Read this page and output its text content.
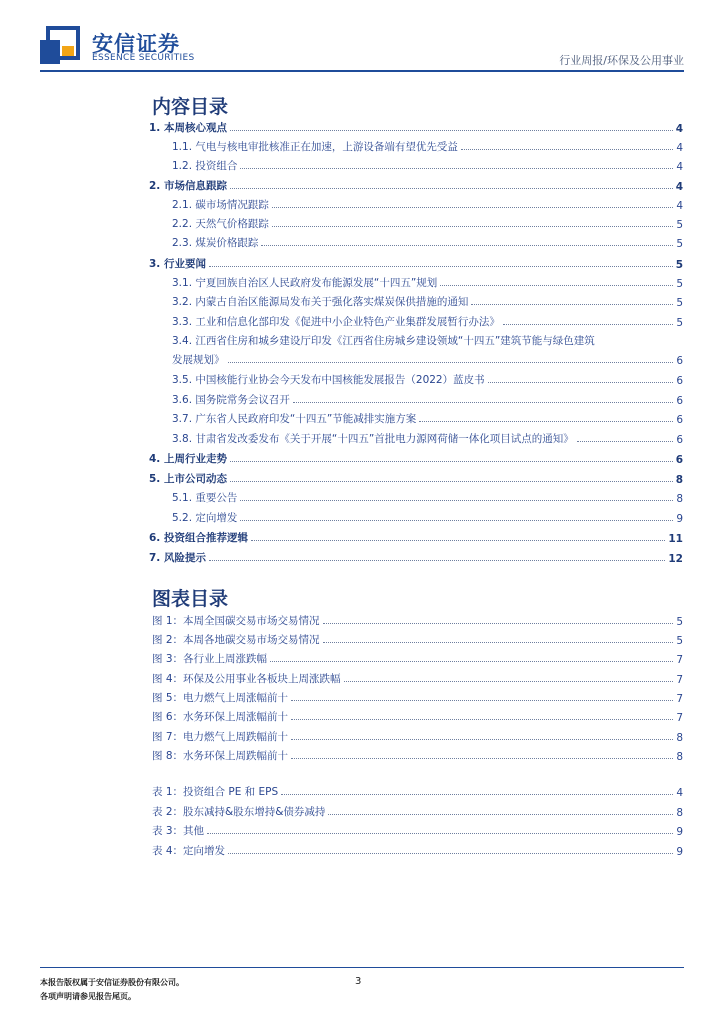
安信证券
ESSENCE SECURITIES	行业周报/环保及公用事业
内容目录
1. 本周核心观点	4
1.1. 气电与核电审批核准正在加速，上游设备端有望优先受益	4
1.2. 投资组合	4
2. 市场信息跟踪	4
2.1. 碳市场情况跟踪	4
2.2. 天然气价格跟踪	5
2.3. 煤炭价格跟踪	5
3. 行业要闻	5
3.1. 宁夏回族自治区人民政府发布能源发展“十四五”规划	5
3.2. 内蒙古自治区能源局发布关于强化落实煤炭保供措施的通知	5
3.3. 工业和信息化部印发《促进中小企业特色产业集群发展暂行办法》	5
3.4. 江西省住房和城乡建设厅印发《江西省住房城乡建设领域“十四五”建筑节能与绿色建筑
发展规划》	6
3.5. 中国核能行业协会今天发布中国核能发展报告（2022）蓝皮书	6
3.6. 国务院常务会议召开	6
3.7. 广东省人民政府印发“十四五”节能减排实施方案	6
3.8. 甘肃省发改委发布《关于开展“十四五”首批电力源网荷储一体化项目试点的通知》	6
4. 上周行业走势	6
5. 上市公司动态	8
5.1. 重要公告	8
5.2. 定向增发	9
6. 投资组合推荐逻辑	11
7. 风险提示	12
图表目录
图 1：本周全国碳交易市场交易情况	5
图 2：本周各地碳交易市场交易情况	5
图 3：各行业上周涨跌幅	7
图 4：环保及公用事业各板块上周涨跌幅	7
图 5：电力燃气上周涨幅前十	7
图 6：水务环保上周涨幅前十	7
图 7：电力燃气上周跌幅前十	8
图 8：水务环保上周跌幅前十	8
表 1：投资组合 PE 和 EPS	4
表 2：股东减持&股东增持&债券减持	8
表 3：其他	9
表 4：定向增发	9
本报告版权属于安信证券股份有限公司。
各项声明请参见报告尾页。
3
